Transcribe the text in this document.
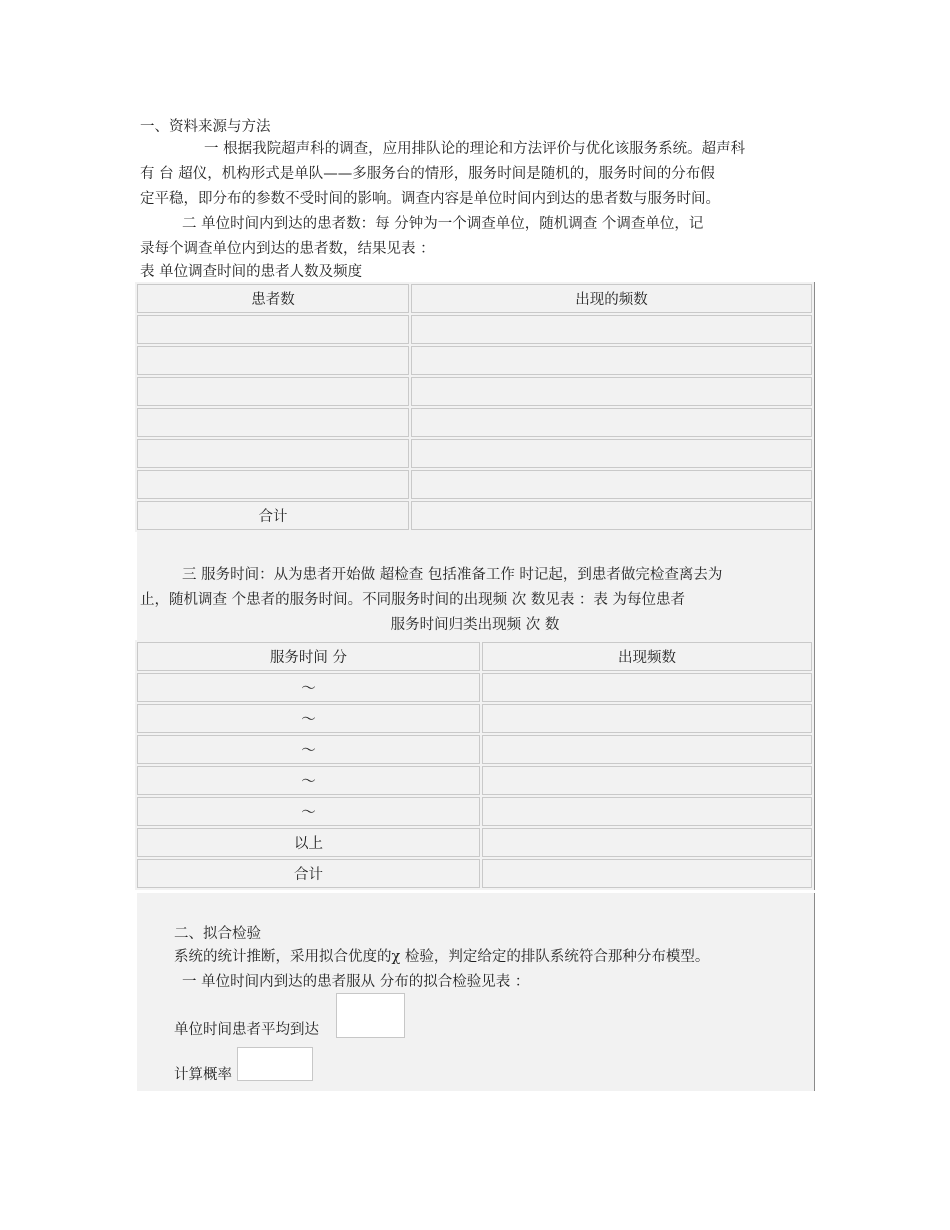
一、资料来源与方法
一 根据我院超声科的调查，应用排队论的理论和方法评价与优化该服务系统。超声科
有 台 超仪，机构形式是单队——多服务台的情形，服务时间是随机的，服务时间的分布假
定平稳，即分布的参数不受时间的影响。调查内容是单位时间内到达的患者数与服务时间。
二 单位时间内到达的患者数：每 分钟为一个调查单位，随机调查 个调查单位，记
录每个调查单位内到达的患者数，结果见表 ：
表 单位调查时间的患者人数及频度
患者数	出现的频数

合计	
三 服务时间：从为患者开始做 超检查 包括准备工作 时记起，到患者做完检查离去为
止，随机调查 个患者的服务时间。不同服务时间的出现频 次 数见表 ：表 为每位患者
服务时间归类出现频 次 数
服务时间 分	出现频数
～	
～	
～	
～	
～	
以上	
合计	
二、拟合检验
系统的统计推断，采用拟合优度的χ 检验，判定给定的排队系统符合那种分布模型。
一 单位时间内到达的患者服从 分布的拟合检验见表 ：
单位时间患者平均到达
计算概率
